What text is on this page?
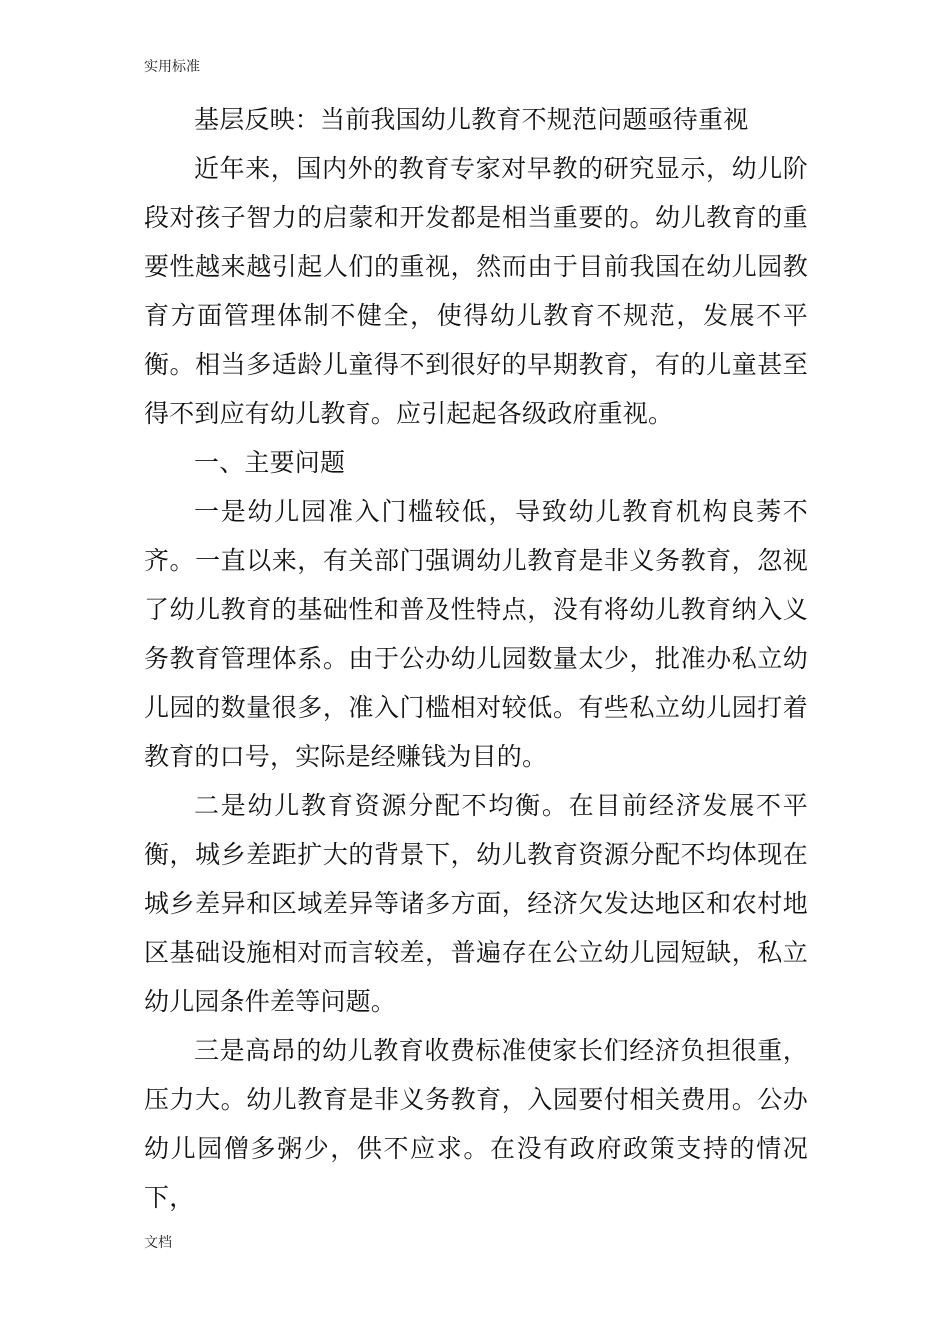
实用标准

基层反映：当前我国幼儿教育不规范问题亟待重视

近年来，国内外的教育专家对早教的研究显示，幼儿阶段对孩子智力的启蒙和开发都是相当重要的。幼儿教育的重要性越来越引起人们的重视，然而由于目前我国在幼儿园教育方面管理体制不健全，使得幼儿教育不规范，发展不平衡。相当多适龄儿童得不到很好的早期教育，有的儿童甚至得不到应有幼儿教育。应引起起各级政府重视。

一、主要问题

一是幼儿园准入门槛较低，导致幼儿教育机构良莠不齐。一直以来，有关部门强调幼儿教育是非义务教育，忽视了幼儿教育的基础性和普及性特点，没有将幼儿教育纳入义务教育管理体系。由于公办幼儿园数量太少，批准办私立幼儿园的数量很多，准入门槛相对较低。有些私立幼儿园打着教育的口号，实际是经赚钱为目的。

二是幼儿教育资源分配不均衡。在目前经济发展不平衡，城乡差距扩大的背景下，幼儿教育资源分配不均体现在城乡差异和区域差异等诸多方面，经济欠发达地区和农村地区基础设施相对而言较差，普遍存在公立幼儿园短缺，私立幼儿园条件差等问题。

三是高昂的幼儿教育收费标准使家长们经济负担很重，压力大。幼儿教育是非义务教育，入园要付相关费用。公办幼儿园僧多粥少，供不应求。在没有政府政策支持的情况下，

文档
